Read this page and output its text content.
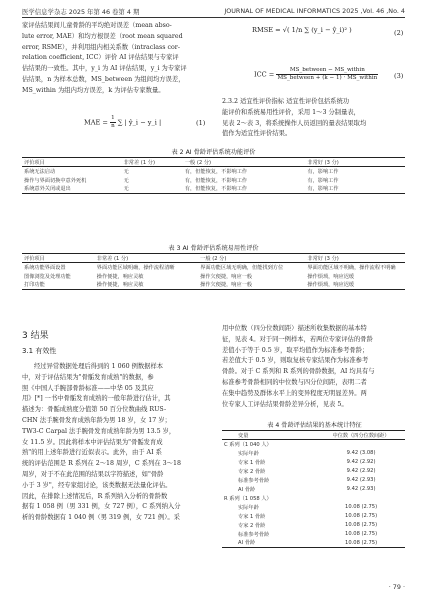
医学信息学杂志 2025 年第 46 卷第 4 期	JOURNAL OF MEDICAL INFORMATICS 2025 ,Vol. 46 ,No. 4
家评估结果间儿童骨龄的平均绝对误差（mean abso-
lute error, MAE）和均方根误差（root mean squared
error, RSME），并利用组内相关系数（intraclass cor-
relation coefficient, ICC）评价 AI 评估结果与专家评
估结果的一致性。其中，y_i 为 AI 评估结果，y_i 为专家评
估结果，n 为样本总数，MS_between 为组间均方误差，
MS_within 为组内均方误差，k 为评估专家数量。
MAE = $\frac{1}{n}$ ∑ | ŷ_i − y_i |	(1)
RMSE = √( 1/n ∑ (y_i − ŷ_i)² )	(2)
ICC = $\frac{\text{MS\_between − MS\_within}}{\text{MS\_between + (k − 1) · MS\_within}} (3)$
2.3.2 适宜性评价指标 适宜性评价包括系统功
能评价和系统易用性评价，采用 1～3 分制量表，
见表 2～表 3，将系统操作人员返回的量表结果取均
值作为适宜性评价结果。
表 2 AI 骨龄评估系统功能评价
评价项目	非常差 (1 分)	一般 (2 分)	非常好 (3 分)
系统无法启动	无	有，但能恢复，不影响工作	有，影响工作
操作与界面切换中意外死机	无	有，但能恢复，不影响工作	有，影响工作
系统意外关闭或退出	无	有，但能恢复，不影响工作	有，影响工作
表 3 AI 骨龄评估系统易用性评价
评价项目	非常差 (1 分)	一般 (2 分)	非常好 (3 分)
系统功能界面设置	界面功能区域明确，操作流程清晰	界面功能区域无明确，但能找到方位	界面功能区域不明确，操作流程不明确
图像浏览及处理功能	操作便捷，响应灵敏	操作欠便捷，响应一般	操作烦琐，响应迟缓
打印功能	操作便捷，响应灵敏	操作欠便捷，响应一般	操作烦琐，响应迟缓
3 结果
3.1 有效性
经过异常数据处理后得到的 1 060 例数据样本
中，对于评估结果为"骨骺发育成熟"的数据，参
照《中国人手腕部骨龄标准——中华 05 及其应
用》[*] 一书中骨骺发育成熟的一般年龄进行估计，其
描述为：骨骺成熟度分值第 50 百分位数曲线 RUS-
CHN 法手腕骨发育成熟年龄为男 18 岁，女 17 岁；
TW3-C Carpal 法手腕骨发育成熟年龄为男 13.5 岁，
女 11.5 岁。因此将样本中评估结果为"骨骺发育成
熟"的用上述年龄进行近似表示。此外，由于 AI 系
统的评估范围是 R 系列在 2～18 周岁，C 系列在 3～18
周岁，对于不在此范围的结果以字符描述，如"骨龄
小于 3 岁"，经专家组讨论，该类数据无法量化评估。
因此，在排除上述情况后，R 系列纳入分析的骨龄数
据有 1 058 例（男 331 例，女 727 例），C 系列纳入分
析的骨龄数据有 1 040 例（男 319 例，女 721 例）。采
用中位数（四分位数间距）描述所收集数据的基本特
征，见表 4。对于同一例样本，若两位专家评估的骨龄
差值小于等于 0.5 岁，取平均值作为标准参考骨龄；
若差值大于 0.5 岁，则取复核专家结果作为标准参考
骨龄。对于 C 系列和 R 系列的骨龄数据，AI 均具有与
标准参考骨龄相同的中位数与四分位间距，表明二者
在集中趋势及群体水平上的变异程度无明显差异。两
位专家人工评估结果骨龄差异分析，见表 5。
表 4 骨龄评估结果的基本统计特征
变量	中位数（四分位数间距）
C 系列（1 040 人）	
实际年龄	9.42 (3.08)
专家 1 骨龄	9.42 (2.92)
专家 2 骨龄	9.42 (2.92)
标准参考骨龄	9.42 (2.93)
AI 骨龄	9.42 (2.93)
R 系列（1 058 人）	
实际年龄	10.08 (2.75)
专家 1 骨龄	10.08 (2.75)
专家 2 骨龄	10.08 (2.75)
标准参考骨龄	10.08 (2.75)
AI 骨龄	10.08 (2.75)
· 79 ·
